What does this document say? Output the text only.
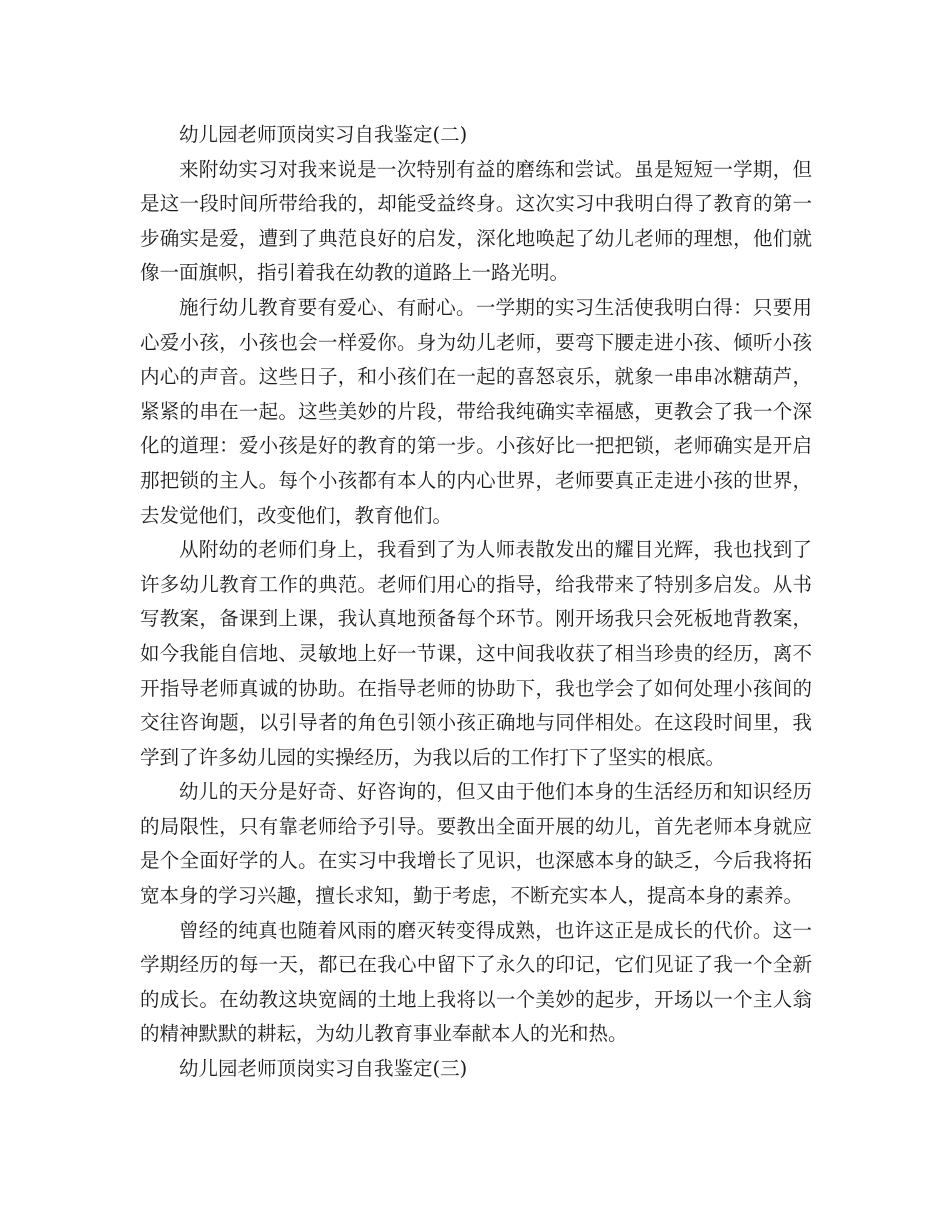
幼儿园老师顶岗实习自我鉴定(二)

来附幼实习对我来说是一次特别有益的磨练和尝试。虽是短短一学期，但是这一段时间所带给我的，却能受益终身。这次实习中我明白得了教育的第一步确实是爱，遭到了典范良好的启发，深化地唤起了幼儿老师的理想，他们就像一面旗帜，指引着我在幼教的道路上一路光明。

施行幼儿教育要有爱心、有耐心。一学期的实习生活使我明白得：只要用心爱小孩，小孩也会一样爱你。身为幼儿老师，要弯下腰走进小孩、倾听小孩内心的声音。这些日子，和小孩们在一起的喜怒哀乐，就象一串串冰糖葫芦，紧紧的串在一起。这些美妙的片段，带给我纯确实幸福感，更教会了我一个深化的道理：爱小孩是好的教育的第一步。小孩好比一把把锁，老师确实是开启那把锁的主人。每个小孩都有本人的内心世界，老师要真正走进小孩的世界，去发觉他们，改变他们，教育他们。

从附幼的老师们身上，我看到了为人师表散发出的耀目光辉，我也找到了许多幼儿教育工作的典范。老师们用心的指导，给我带来了特别多启发。从书写教案，备课到上课，我认真地预备每个环节。刚开场我只会死板地背教案，如今我能自信地、灵敏地上好一节课，这中间我收获了相当珍贵的经历，离不开指导老师真诚的协助。在指导老师的协助下，我也学会了如何处理小孩间的交往咨询题，以引导者的角色引领小孩正确地与同伴相处。在这段时间里，我学到了许多幼儿园的实操经历，为我以后的工作打下了坚实的根底。

幼儿的天分是好奇、好咨询的，但又由于他们本身的生活经历和知识经历的局限性，只有靠老师给予引导。要教出全面开展的幼儿，首先老师本身就应是个全面好学的人。在实习中我增长了见识，也深感本身的缺乏，今后我将拓宽本身的学习兴趣，擅长求知，勤于考虑，不断充实本人，提高本身的素养。

曾经的纯真也随着风雨的磨灭转变得成熟，也许这正是成长的代价。这一学期经历的每一天，都已在我心中留下了永久的印记，它们见证了我一个全新的成长。在幼教这块宽阔的土地上我将以一个美妙的起步，开场以一个主人翁的精神默默的耕耘，为幼儿教育事业奉献本人的光和热。

幼儿园老师顶岗实习自我鉴定(三)
